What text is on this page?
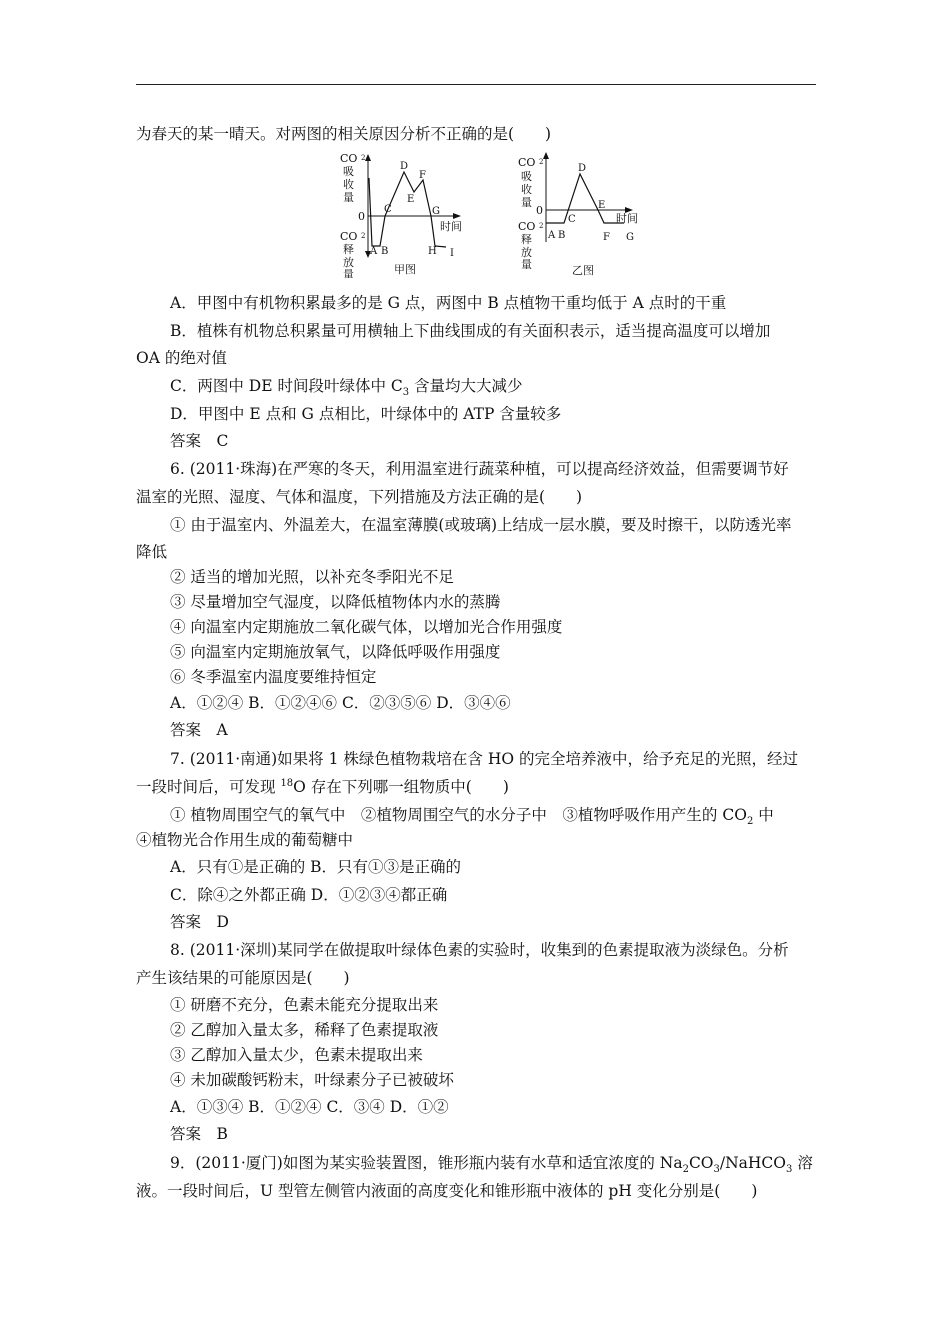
为春天的某一晴天。对两图的相关原因分析不正确的是(　　)
CO 2
吸
收
量
CO 2
释
放
量
0
时间
A B
C
D
E
F
G
H I
甲图
CO 2
吸
收
量
CO 2
释
放
量
0
时间
A B
C
D
E
F G
乙图
A．甲图中有机物积累最多的是 G 点，两图中 B 点植物干重均低于 A 点时的干重
B．植株有机物总积累量可用横轴上下曲线围成的有关面积表示，适当提高温度可以增加
OA 的绝对值
C．两图中 DE 时间段叶绿体中 $C_3$ 含量均大大减少
D．甲图中 E 点和 G 点相比，叶绿体中的 ATP 含量较多
答案　C
6. (2011·珠海)在严寒的冬天，利用温室进行蔬菜种植，可以提高经济效益，但需要调节好
温室的光照、湿度、气体和温度，下列措施及方法正确的是(　　)
① 由于温室内、外温差大，在温室薄膜(或玻璃)上结成一层水膜，要及时擦干，以防透光率
降低
② 适当的增加光照，以补充冬季阳光不足
③ 尽量增加空气湿度，以降低植物体内水的蒸腾
④ 向温室内定期施放二氧化碳气体，以增加光合作用强度
⑤ 向温室内定期施放氧气，以降低呼吸作用强度
⑥ 冬季温室内温度要维持恒定
A．①②④ B．①②④⑥ C．②③⑤⑥ D．③④⑥
答案　A
7. (2011·南通)如果将 1 株绿色植物栽培在含 HO 的完全培养液中，给予充足的光照，经过
一段时间后，可发现 $^{18}$O 存在下列哪一组物质中(　　)
① 植物周围空气的氧气中　②植物周围空气的水分子中　③植物呼吸作用产生的 $CO_2$ 中
④植物光合作用生成的葡萄糖中
A．只有①是正确的 B．只有①③是正确的
C．除④之外都正确 D．①②③④都正确
答案　D
8. (2011·深圳)某同学在做提取叶绿体色素的实验时，收集到的色素提取液为淡绿色。分析
产生该结果的可能原因是(　　)
① 研磨不充分，色素未能充分提取出来
② 乙醇加入量太多，稀释了色素提取液
③ 乙醇加入量太少，色素未提取出来
④ 未加碳酸钙粉末，叶绿素分子已被破坏
A．①③④ B．①②④ C．③④ D．①②
答案　B
9．(2011·厦门)如图为某实验装置图，锥形瓶内装有水草和适宜浓度的 $Na_2CO_3/NaHCO_3$ 溶
液。一段时间后，U 型管左侧管内液面的高度变化和锥形瓶中液体的 pH 变化分别是(　　)
